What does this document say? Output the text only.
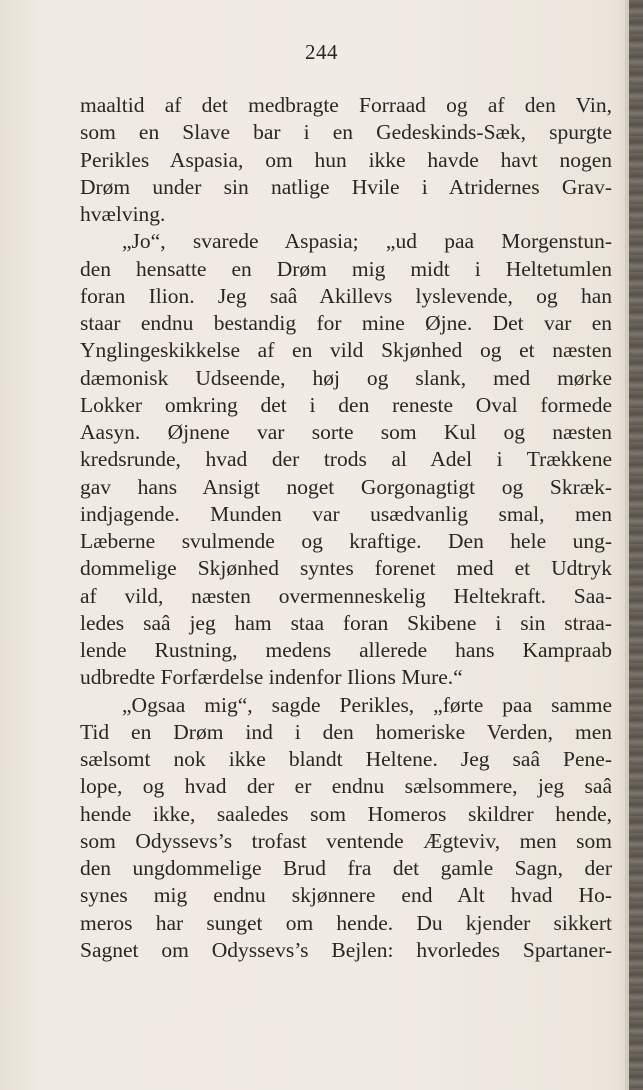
244
maaltid af det medbragte Forraad og af den Vin,
som en Slave bar i en Gedeskinds-Sæk, spurgte
Perikles Aspasia, om hun ikke havde havt nogen
Drøm under sin natlige Hvile i Atridernes Grav-
hvælving.
„Jo“, svarede Aspasia; „ud paa Morgenstun-
den hensatte en Drøm mig midt i Heltetumlen
foran Ilion. Jeg saâ Akillevs lyslevende, og han
staar endnu bestandig for mine Øjne. Det var en
Ynglingeskikkelse af en vild Skjønhed og et næsten
dæmonisk Udseende, høj og slank, med mørke
Lokker omkring det i den reneste Oval formede
Aasyn. Øjnene var sorte som Kul og næsten
kredsrunde, hvad der trods al Adel i Trækkene
gav hans Ansigt noget Gorgonagtigt og Skræk-
indjagende. Munden var usædvanlig smal, men
Læberne svulmende og kraftige. Den hele ung-
dommelige Skjønhed syntes forenet med et Udtryk
af vild, næsten overmenneskelig Heltekraft. Saa-
ledes saâ jeg ham staa foran Skibene i sin straa-
lende Rustning, medens allerede hans Kampraab
udbredte Forfærdelse indenfor Ilions Mure.“
„Ogsaa mig“, sagde Perikles, „førte paa samme
Tid en Drøm ind i den homeriske Verden, men
sælsomt nok ikke blandt Heltene. Jeg saâ Pene-
lope, og hvad der er endnu sælsommere, jeg saâ
hende ikke, saaledes som Homeros skildrer hende,
som Odyssevs’s trofast ventende Ægteviv, men som
den ungdommelige Brud fra det gamle Sagn, der
synes mig endnu skjønnere end Alt hvad Ho-
meros har sunget om hende. Du kjender sikkert
Sagnet om Odyssevs’s Bejlen: hvorledes Spartaner-
